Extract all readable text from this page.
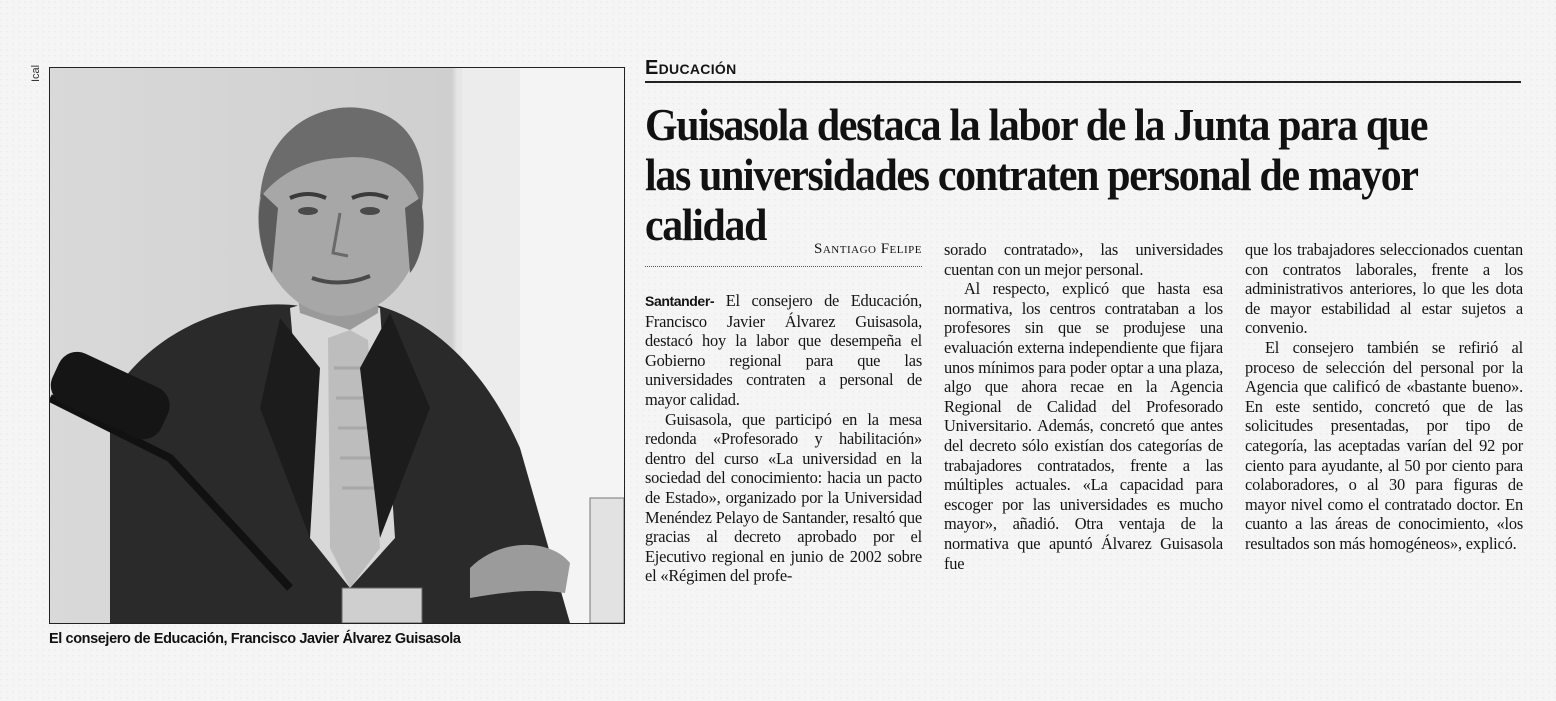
Ical
El consejero de Educación, Francisco Javier Álvarez Guisasola
Educación
Guisasola destaca la labor de la Junta para que las universidades contraten personal de mayor calidad	Santiago Felipe

Santander- El consejero de Educación, Francisco Javier Álvarez Guisasola, destacó hoy la labor que desempeña el Gobierno regional para que las universidades contraten a personal de mayor calidad.

Guisasola, que participó en la mesa redonda «Profesorado y habilitación» dentro del curso «La universidad en la sociedad del conocimiento: hacia un pacto de Estado», organizado por la Universidad Menéndez Pelayo de Santander, resaltó que gracias al decreto aprobado por el Ejecutivo regional en junio de 2002 sobre el «Régimen del profe-

sorado contratado», las universidades cuentan con un mejor personal.

Al respecto, explicó que hasta esa normativa, los centros contrataban a los profesores sin que se produjese una evaluación externa independiente que fijara unos mínimos para poder optar a una plaza, algo que ahora recae en la Agencia Regional de Calidad del Profesorado Universitario. Además, concretó que antes del decreto sólo existían dos categorías de trabajadores contratados, frente a las múltiples actuales. «La capacidad para escoger por las universidades es mucho mayor», añadió. Otra ventaja de la normativa que apuntó Álvarez Guisasola fue

que los trabajadores seleccionados cuentan con contratos laborales, frente a los administrativos anteriores, lo que les dota de mayor estabilidad al estar sujetos a convenio.

El consejero también se refirió al proceso de selección del personal por la Agencia que calificó de «bastante bueno». En este sentido, concretó que de las solicitudes presentadas, por tipo de categoría, las aceptadas varían del 92 por ciento para ayudante, al 50 por ciento para colaboradores, o al 30 para figuras de mayor nivel como el contratado doctor. En cuanto a las áreas de conocimiento, «los resultados son más homogéneos», explicó.
